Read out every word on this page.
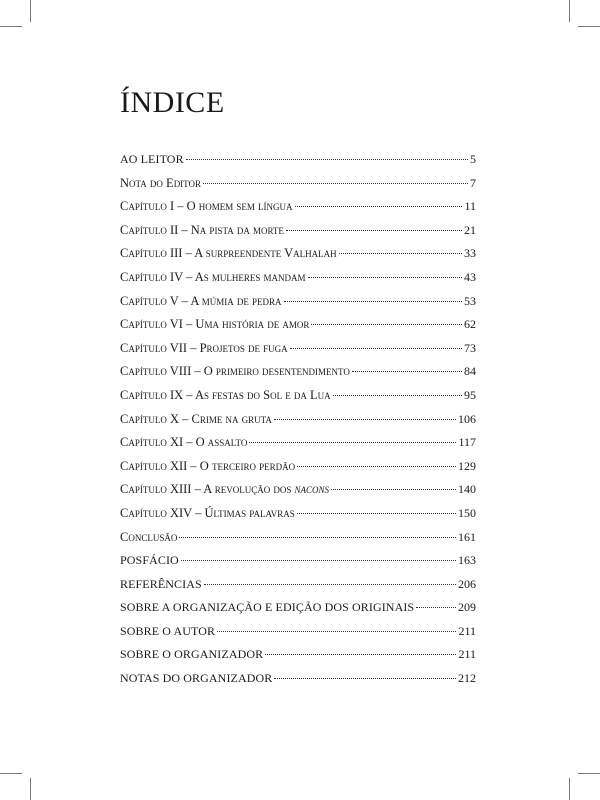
ÍNDICE
AO LEITOR	5
Nota do Editor	7
Capítulo I – O homem sem língua	11
Capítulo II – Na pista da morte	21
Capítulo III – A surpreendente Valhalah	33
Capítulo IV – As mulheres mandam	43
Capítulo V – A múmia de pedra	53
Capítulo VI – Uma história de amor	62
Capítulo VII – Projetos de fuga	73
Capítulo VIII – O primeiro desentendimento	84
Capítulo IX – As festas do Sol e da Lua	95
Capítulo X – Crime na gruta	106
Capítulo XI – O assalto	117
Capítulo XII – O terceiro perdão	129
Capítulo XIII – A revolução dos nacons	140
Capítulo XIV – Últimas palavras	150
Conclusão	161
POSFÁCIO	163
REFERÊNCIAS	206
SOBRE A ORGANIZAÇÃO E EDIÇÃO DOS ORIGINAIS	209
SOBRE O AUTOR	211
SOBRE O ORGANIZADOR	211
NOTAS DO ORGANIZADOR	212
